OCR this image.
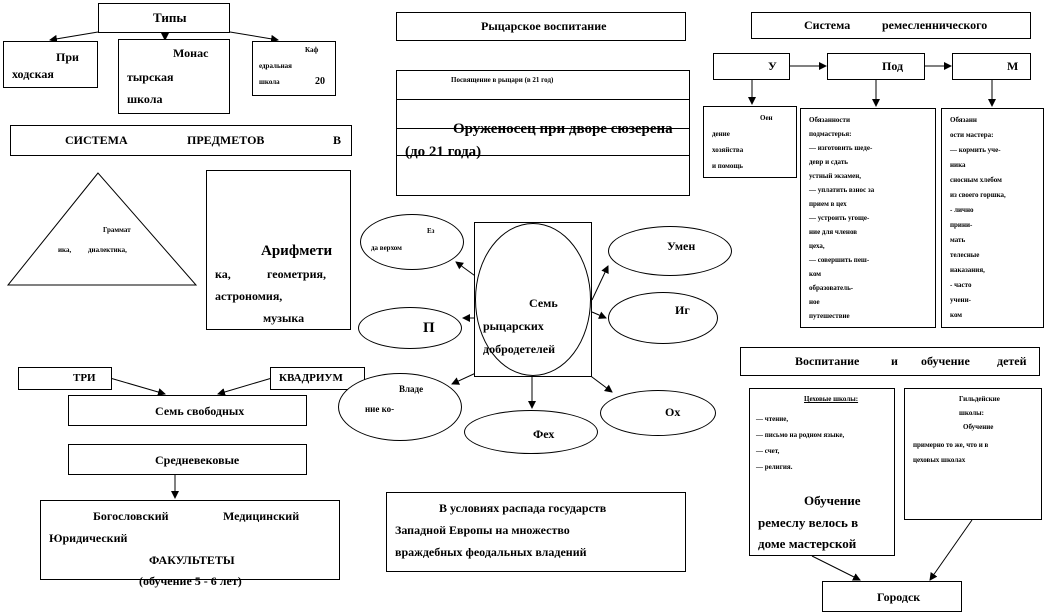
Типы
При
ходская
Монас
тырская
школа
Каф
едральная
школа	20
СИСТЕМА	ПРЕДМЕТОВ	В
Граммат
ика, диалектика,	Арифмети
ка,	геометрия,
астрономия,
музыка
ТРИ	КВАДРИУМ
Семь свободных
Средневековые
Богословский	Медицинский
Юридический
ФАКУЛЬТЕТЫ
(обучение 5 - 6 лет)
Рыцарское воспитание
Посвящение в рыцари (в 21 год)
Оруженосец при дворе сюзерена
(до 21 года)
Семь
рыцарских
добродетелей
Ез
да верхом
П
Владе
ние ко-
Фех
Ох
Иг
Умен
В условиях распада государств
Западной Европы на множество
враждебных феодальных владений
Система	ремесленнического
У	Под	М
Оен
дение
хозяйства
и помощь
Обязанности
подмастерья:
— изготовить шеде-
девр и сдать
устный экзамен,
— уплатить взнос за
прием в цех
— устроить угоще-
ние для членов
цеха,
— совершить пеш-
ком
образователь-
ное
путешествие
Обязанн
ости мастера:
— кормить уче-
ника
сносным хлебом
из своего горшка,
- лично
прини-
мать
телесные
наказания,
- часто
учени-
ком
Воспитание	и обучение детей
Цеховые школы:
— чтение,
— письмо на родном языке,
— счет,
— религия.
Обучение
ремеслу велось в
доме мастерской
Гильдейские
школы:
Обучение
примерно то же, что и в
цеховых школах
Городск
